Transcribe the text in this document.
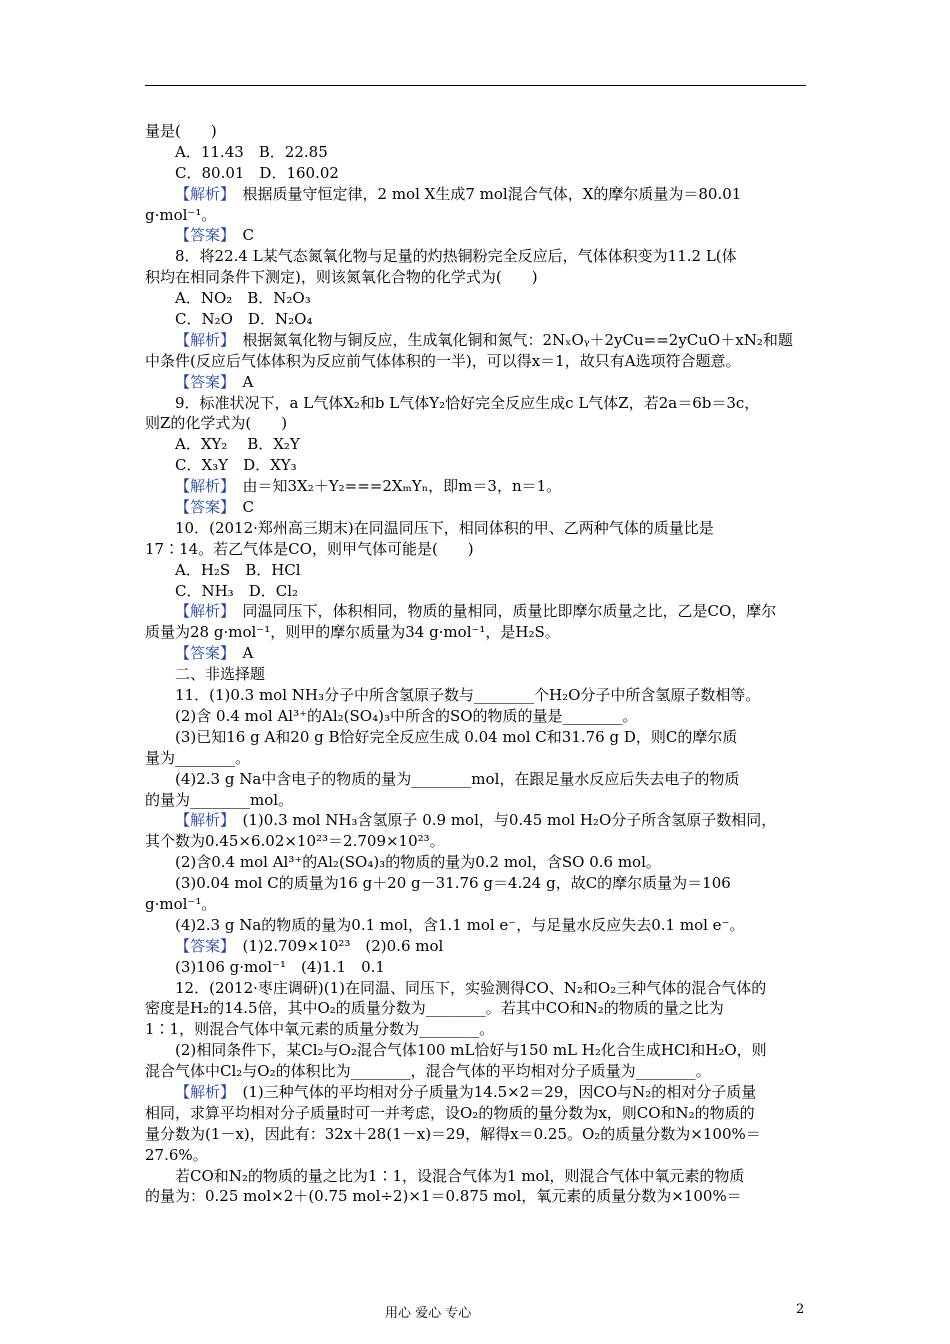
量是(　　)
A．11.43　B．22.85
C．80.01　D．160.02
【解析】　根据质量守恒定律，2 mol X生成7 mol混合气体，X的摩尔质量为＝80.01
g·mol⁻¹。
【答案】　C
8．将22.4 L某气态氮氧化物与足量的灼热铜粉完全反应后，气体体积变为11.2 L(体
积均在相同条件下测定)，则该氮氧化合物的化学式为(　　)
A．NO₂　B．N₂O₃
C．N₂O　D．N₂O₄
【解析】　根据氮氧化物与铜反应，生成氧化铜和氮气：2NₓOᵧ＋2yCu==2yCuO＋xN₂和题
中条件(反应后气体体积为反应前气体体积的一半)，可以得x＝1，故只有A选项符合题意。
【答案】　A
9．标准状况下，a L气体X₂和b L气体Y₂恰好完全反应生成c L气体Z，若2a＝6b＝3c，
则Z的化学式为(　　)
A．XY₂　 B．X₂Y
C．X₃Y　D．XY₃
【解析】　由＝知3X₂＋Y₂===2XₘYₙ，即m＝3，n＝1。
【答案】　C
10．(2012·郑州高三期末)在同温同压下，相同体积的甲、乙两种气体的质量比是
17∶14。若乙气体是CO，则甲气体可能是(　　)
A．H₂S　B．HCl
C．NH₃　D．Cl₂
【解析】　同温同压下，体积相同，物质的量相同，质量比即摩尔质量之比，乙是CO，摩尔
质量为28 g·mol⁻¹，则甲的摩尔质量为34 g·mol⁻¹，是H₂S。
【答案】　A
二、非选择题
11．(1)0.3 mol NH₃分子中所含氢原子数与________个H₂O分子中所含氢原子数相等。
(2)含 0.4 mol Al³⁺的Al₂(SO₄)₃中所含的SO的物质的量是________。
(3)已知16 g A和20 g B恰好完全反应生成 0.04 mol C和31.76 g D，则C的摩尔质
量为________。
(4)2.3 g Na中含电子的物质的量为________mol，在跟足量水反应后失去电子的物质
的量为________mol。
【解析】　(1)0.3 mol NH₃含氢原子 0.9 mol，与0.45 mol H₂O分子所含氢原子数相同，
其个数为0.45×6.02×10²³＝2.709×10²³。
(2)含0.4 mol Al³⁺的Al₂(SO₄)₃的物质的量为0.2 mol，含SO 0.6 mol。
(3)0.04 mol C的质量为16 g＋20 g－31.76 g＝4.24 g，故C的摩尔质量为＝106
g·mol⁻¹。
(4)2.3 g Na的物质的量为0.1 mol，含1.1 mol e⁻，与足量水反应失去0.1 mol e⁻。
【答案】　(1)2.709×10²³　(2)0.6 mol
(3)106 g·mol⁻¹　(4)1.1　0.1
12．(2012·枣庄调研)(1)在同温、同压下，实验测得CO、N₂和O₂三种气体的混合气体的
密度是H₂的14.5倍，其中O₂的质量分数为________。若其中CO和N₂的物质的量之比为
1∶1，则混合气体中氧元素的质量分数为________。
(2)相同条件下，某Cl₂与O₂混合气体100 mL恰好与150 mL H₂化合生成HCl和H₂O，则
混合气体中Cl₂与O₂的体积比为________，混合气体的平均相对分子质量为________。
【解析】　(1)三种气体的平均相对分子质量为14.5×2＝29，因CO与N₂的相对分子质量
相同，求算平均相对分子质量时可一并考虑，设O₂的物质的量分数为x，则CO和N₂的物质的
量分数为(1－x)，因此有：32x＋28(1－x)＝29，解得x＝0.25。O₂的质量分数为×100%＝
27.6%。
若CO和N₂的物质的量之比为1∶1，设混合气体为1 mol，则混合气体中氧元素的物质
的量为：0.25 mol×2＋(0.75 mol÷2)×1＝0.875 mol，氧元素的质量分数为×100%＝
用心 爱心 专心	2
